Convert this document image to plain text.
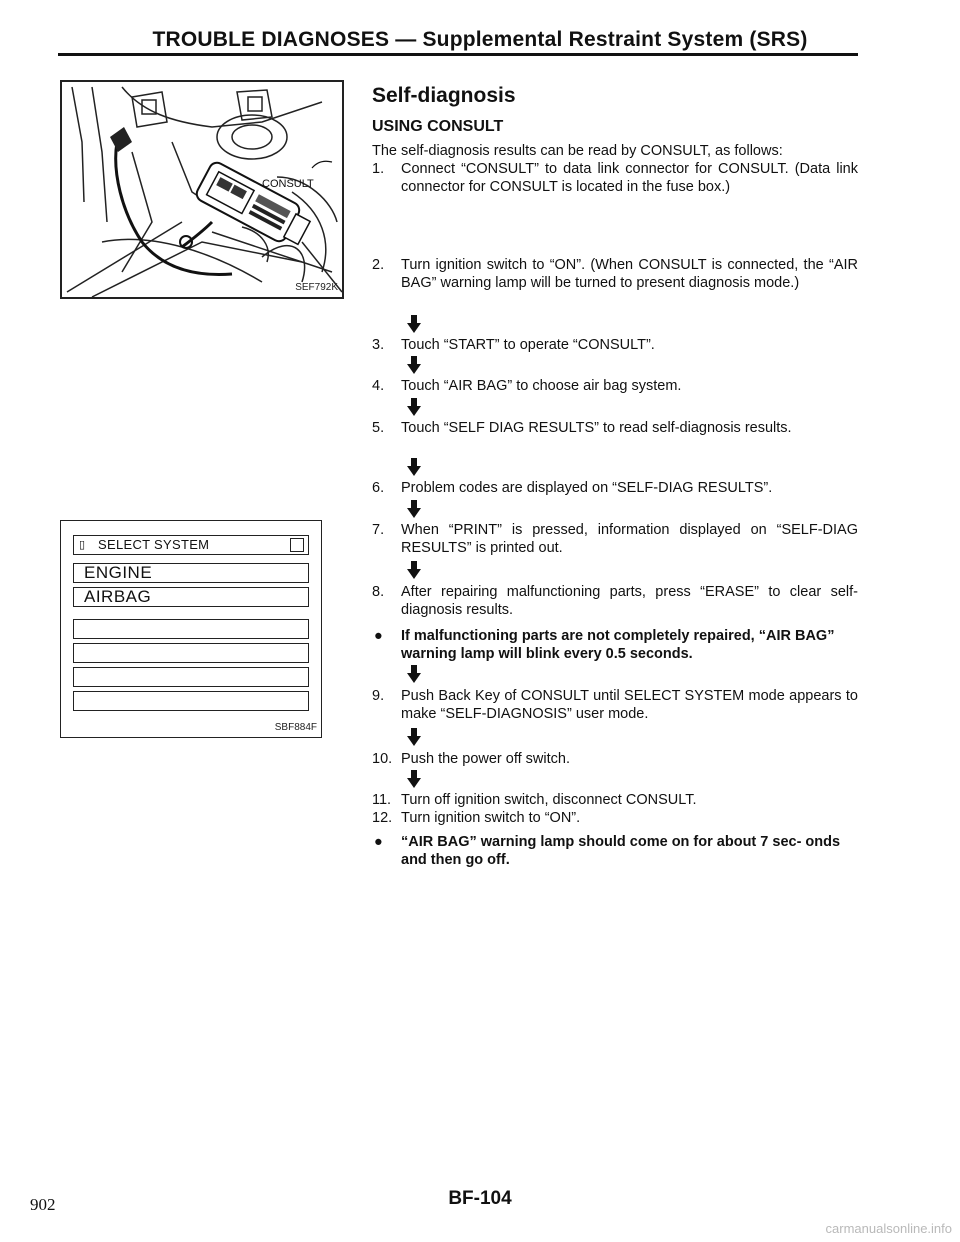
TROUBLE DIAGNOSES — Supplemental Restraint System (SRS)
CONSULT
SEF792K
▯ SELECT SYSTEM
ENGINE
AIRBAG
SBF884F
Self-diagnosis
USING CONSULT
The self-diagnosis results can be read by CONSULT, as follows:
1.	Connect “CONSULT” to data link connector for CONSULT. (Data link connector for CONSULT is located in the fuse box.)
2.	Turn ignition switch to “ON”. (When CONSULT is connected, the “AIR BAG” warning lamp will be turned to present diagnosis mode.)
3.	Touch “START” to operate “CONSULT”.
4.	Touch “AIR BAG” to choose air bag system.
5.	Touch “SELF DIAG RESULTS” to read self-diagnosis results.
6.	Problem codes are displayed on “SELF-DIAG RESULTS”.
7.	When “PRINT” is pressed, information displayed on “SELF-DIAG RESULTS” is printed out.
8.	After repairing malfunctioning parts, press “ERASE” to clear self-diagnosis results.
● If malfunctioning parts are not completely repaired, “AIR BAG” warning lamp will blink every 0.5 seconds.
9.	Push Back Key of CONSULT until SELECT SYSTEM mode appears to make “SELF-DIAGNOSIS” user mode.
10. Push the power off switch.
11. Turn off ignition switch, disconnect CONSULT.
12. Turn ignition switch to “ON”.
● “AIR BAG” warning lamp should come on for about 7 sec- onds and then go off.
BF-104
902
carmanualsonline.info
